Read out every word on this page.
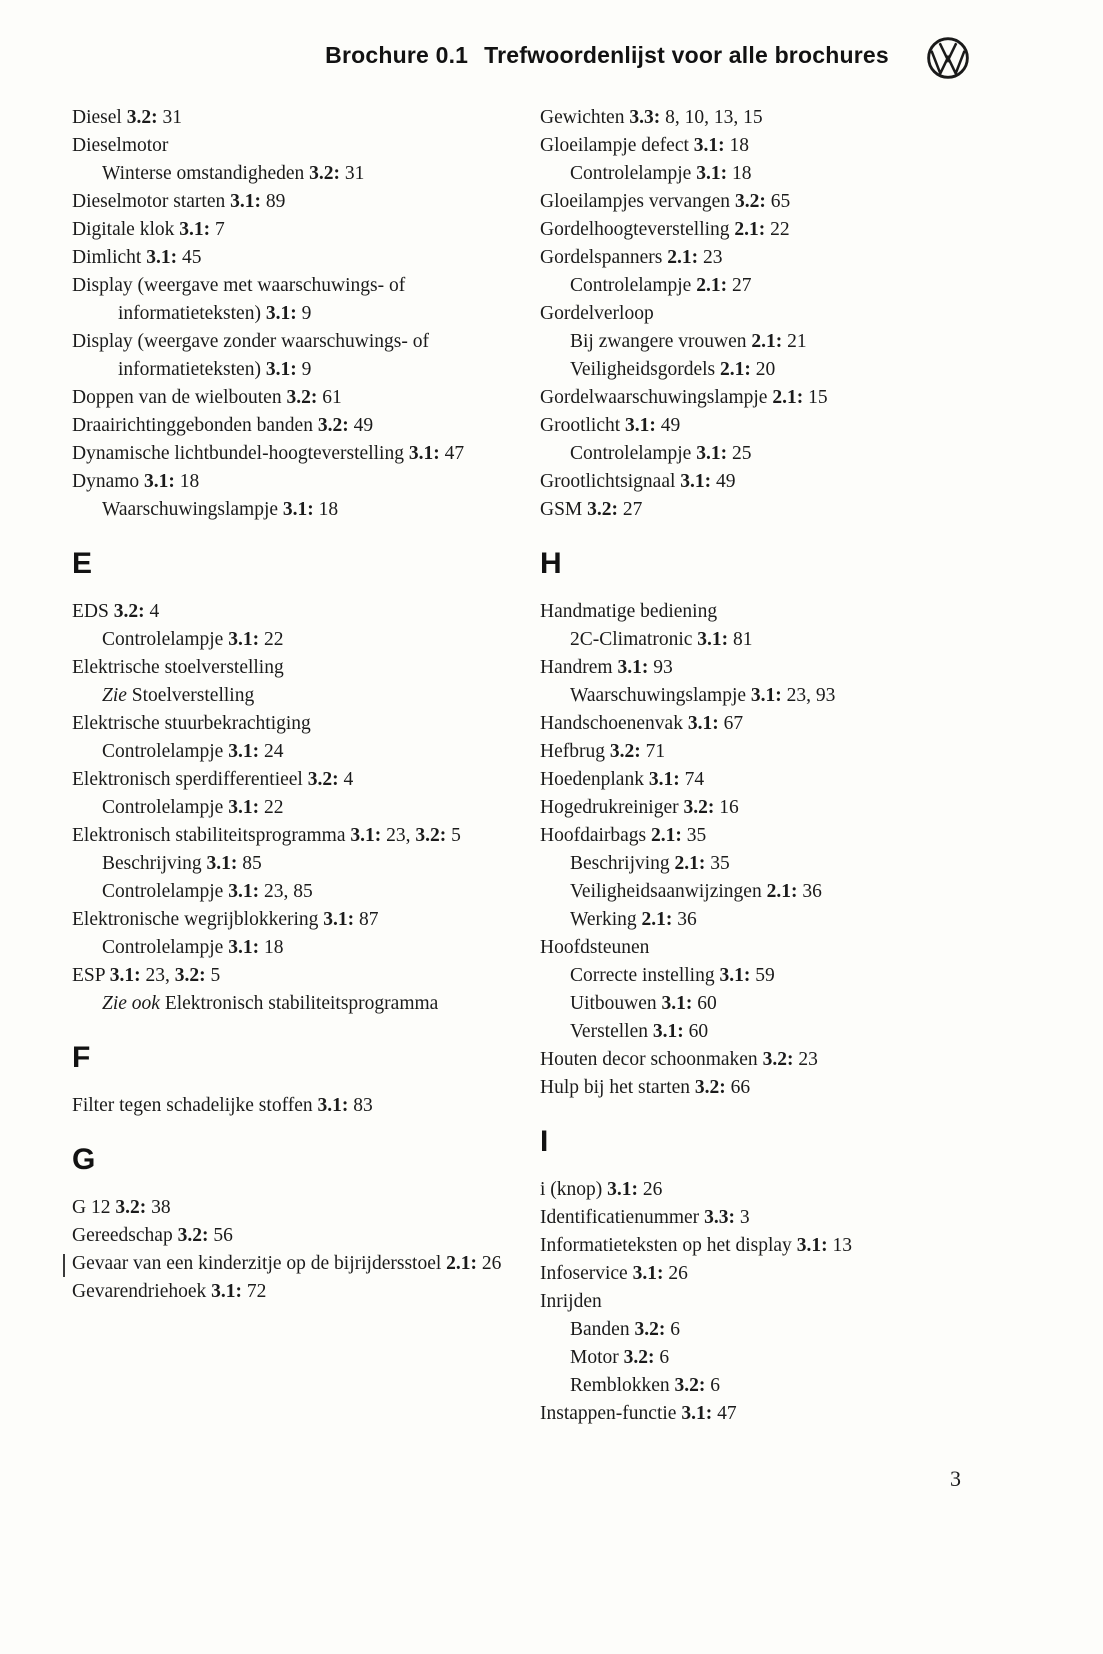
Brochure 0.1 Trefwoordenlijst voor alle brochures
Diesel 3.2: 31
Dieselmotor
Winterse omstandigheden 3.2: 31
Dieselmotor starten 3.1: 89
Digitale klok 3.1: 7
Dimlicht 3.1: 45
Display (weergave met waarschuwings- of informatieteksten) 3.1: 9
Display (weergave zonder waarschuwings- of informatieteksten) 3.1: 9
Doppen van de wielbouten 3.2: 61
Draairichtinggebonden banden 3.2: 49
Dynamische lichtbundel-hoogteverstelling 3.1: 47
Dynamo 3.1: 18
Waarschuwingslampje 3.1: 18
E
EDS 3.2: 4
Controlelampje 3.1: 22
Elektrische stoelverstelling
Zie Stoelverstelling
Elektrische stuurbekrachtiging
Controlelampje 3.1: 24
Elektronisch sperdifferentieel 3.2: 4
Controlelampje 3.1: 22
Elektronisch stabiliteitsprogramma 3.1: 23, 3.2: 5
Beschrijving 3.1: 85
Controlelampje 3.1: 23, 85
Elektronische wegrijblokkering 3.1: 87
Controlelampje 3.1: 18
ESP 3.1: 23, 3.2: 5
Zie ook Elektronisch stabiliteitsprogramma
F
Filter tegen schadelijke stoffen 3.1: 83
G
G 12 3.2: 38
Gereedschap 3.2: 56
Gevaar van een kinderzitje op de bijrijdersstoel 2.1: 26
Gevarendriehoek 3.1: 72
Gewichten 3.3: 8, 10, 13, 15
Gloeilampje defect 3.1: 18
Controlelampje 3.1: 18
Gloeilampjes vervangen 3.2: 65
Gordelhoogteverstelling 2.1: 22
Gordelspanners 2.1: 23
Controlelampje 2.1: 27
Gordelverloop
Bij zwangere vrouwen 2.1: 21
Veiligheidsgordels 2.1: 20
Gordelwaarschuwingslampje 2.1: 15
Grootlicht 3.1: 49
Controlelampje 3.1: 25
Grootlichtsignaal 3.1: 49
GSM 3.2: 27
H
Handmatige bediening
2C-Climatronic 3.1: 81
Handrem 3.1: 93
Waarschuwingslampje 3.1: 23, 93
Handschoenenvak 3.1: 67
Hefbrug 3.2: 71
Hoedenplank 3.1: 74
Hogedrukreiniger 3.2: 16
Hoofdairbags 2.1: 35
Beschrijving 2.1: 35
Veiligheidsaanwijzingen 2.1: 36
Werking 2.1: 36
Hoofdsteunen
Correcte instelling 3.1: 59
Uitbouwen 3.1: 60
Verstellen 3.1: 60
Houten decor schoonmaken 3.2: 23
Hulp bij het starten 3.2: 66
I
i (knop) 3.1: 26
Identificatienummer 3.3: 3
Informatieteksten op het display 3.1: 13
Infoservice 3.1: 26
Inrijden
Banden 3.2: 6
Motor 3.2: 6
Remblokken 3.2: 6
Instappen-functie 3.1: 47
3
